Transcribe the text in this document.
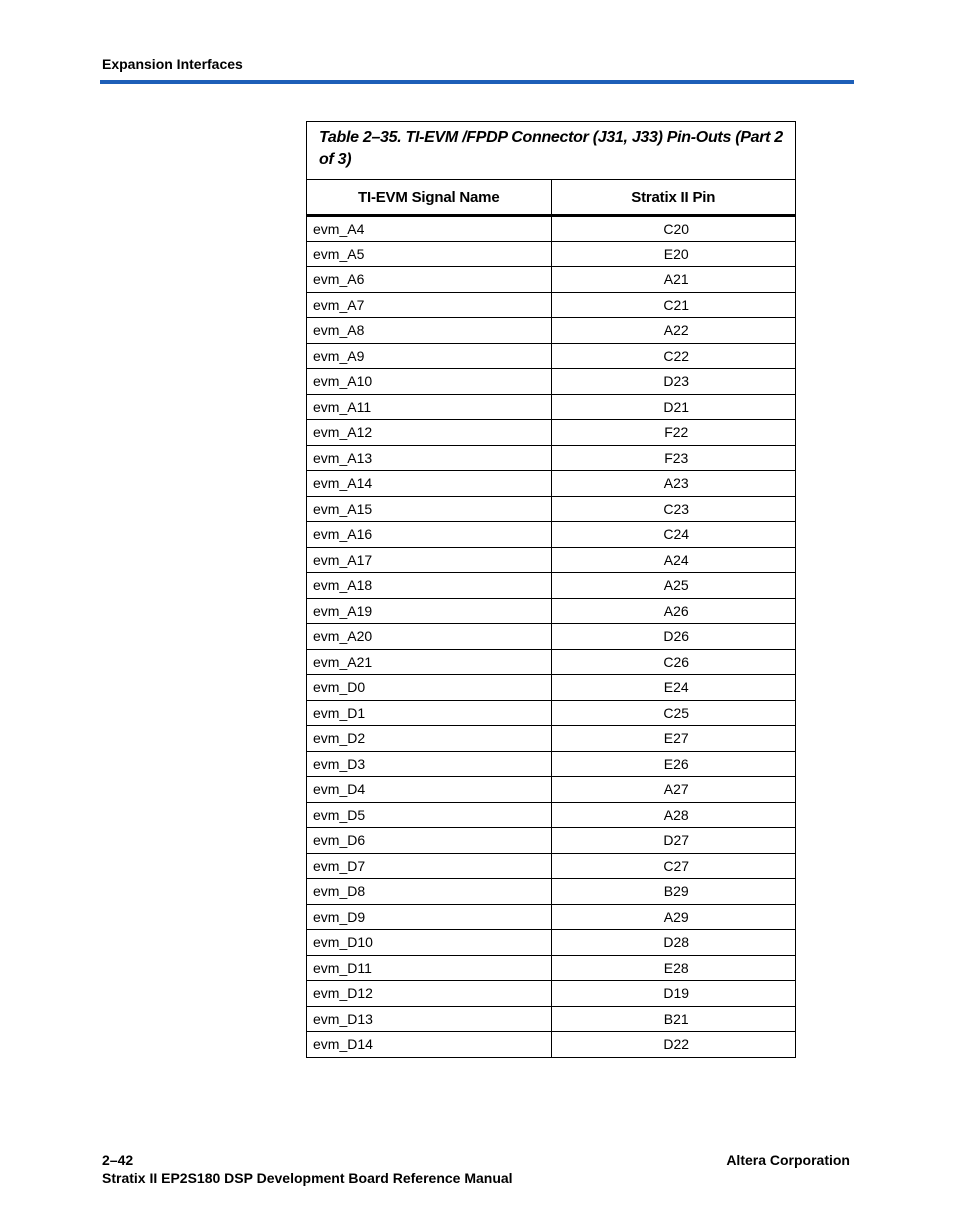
Expansion Interfaces
Table 2–35. TI-EVM /FPDP Connector (J31, J33) Pin-Outs (Part 2 of 3)	
TI-EVM Signal Name	Stratix II Pin
evm_A4	C20
evm_A5	E20
evm_A6	A21
evm_A7	C21
evm_A8	A22
evm_A9	C22
evm_A10	D23
evm_A11	D21
evm_A12	F22
evm_A13	F23
evm_A14	A23
evm_A15	C23
evm_A16	C24
evm_A17	A24
evm_A18	A25
evm_A19	A26
evm_A20	D26
evm_A21	C26
evm_D0	E24
evm_D1	C25
evm_D2	E27
evm_D3	E26
evm_D4	A27
evm_D5	A28
evm_D6	D27
evm_D7	C27
evm_D8	B29
evm_D9	A29
evm_D10	D28
evm_D11	E28
evm_D12	D19
evm_D13	B21
evm_D14	D22
2–42
Stratix II EP2S180 DSP Development Board Reference Manual
Altera Corporation
